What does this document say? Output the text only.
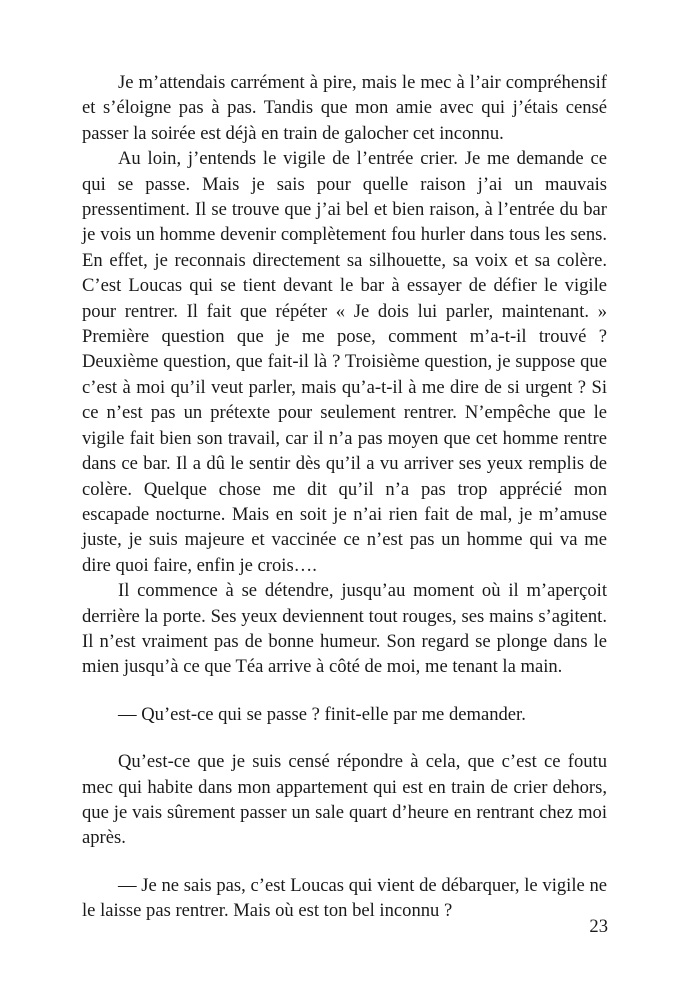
Je m’attendais carrément à pire, mais le mec à l’air compréhensif et s’éloigne pas à pas. Tandis que mon amie avec qui j’étais censé passer la soirée est déjà en train de galocher cet inconnu.

Au loin, j’entends le vigile de l’entrée crier. Je me demande ce qui se passe. Mais je sais pour quelle raison j’ai un mauvais pressentiment. Il se trouve que j’ai bel et bien raison, à l’entrée du bar je vois un homme devenir complètement fou hurler dans tous les sens. En effet, je reconnais directement sa silhouette, sa voix et sa colère. C’est Loucas qui se tient devant le bar à essayer de défier le vigile pour rentrer. Il fait que répéter « Je dois lui parler, maintenant. » Première question que je me pose, comment m’a-t-il trouvé ? Deuxième question, que fait-il là ? Troisième question, je suppose que c’est à moi qu’il veut parler, mais qu’a-t-il à me dire de si urgent ? Si ce n’est pas un prétexte pour seulement rentrer. N’empêche que le vigile fait bien son travail, car il n’a pas moyen que cet homme rentre dans ce bar. Il a dû le sentir dès qu’il a vu arriver ses yeux remplis de colère. Quelque chose me dit qu’il n’a pas trop apprécié mon escapade nocturne. Mais en soit je n’ai rien fait de mal, je m’amuse juste, je suis majeure et vaccinée ce n’est pas un homme qui va me dire quoi faire, enfin je crois….

Il commence à se détendre, jusqu’au moment où il m’aperçoit derrière la porte. Ses yeux deviennent tout rouges, ses mains s’agitent. Il n’est vraiment pas de bonne humeur. Son regard se plonge dans le mien jusqu’à ce que Téa arrive à côté de moi, me tenant la main.

— Qu’est-ce qui se passe ? finit-elle par me demander.

Qu’est-ce que je suis censé répondre à cela, que c’est ce foutu mec qui habite dans mon appartement qui est en train de crier dehors, que je vais sûrement passer un sale quart d’heure en rentrant chez moi après.

— Je ne sais pas, c’est Loucas qui vient de débarquer, le vigile ne le laisse pas rentrer. Mais où est ton bel inconnu ?

23
